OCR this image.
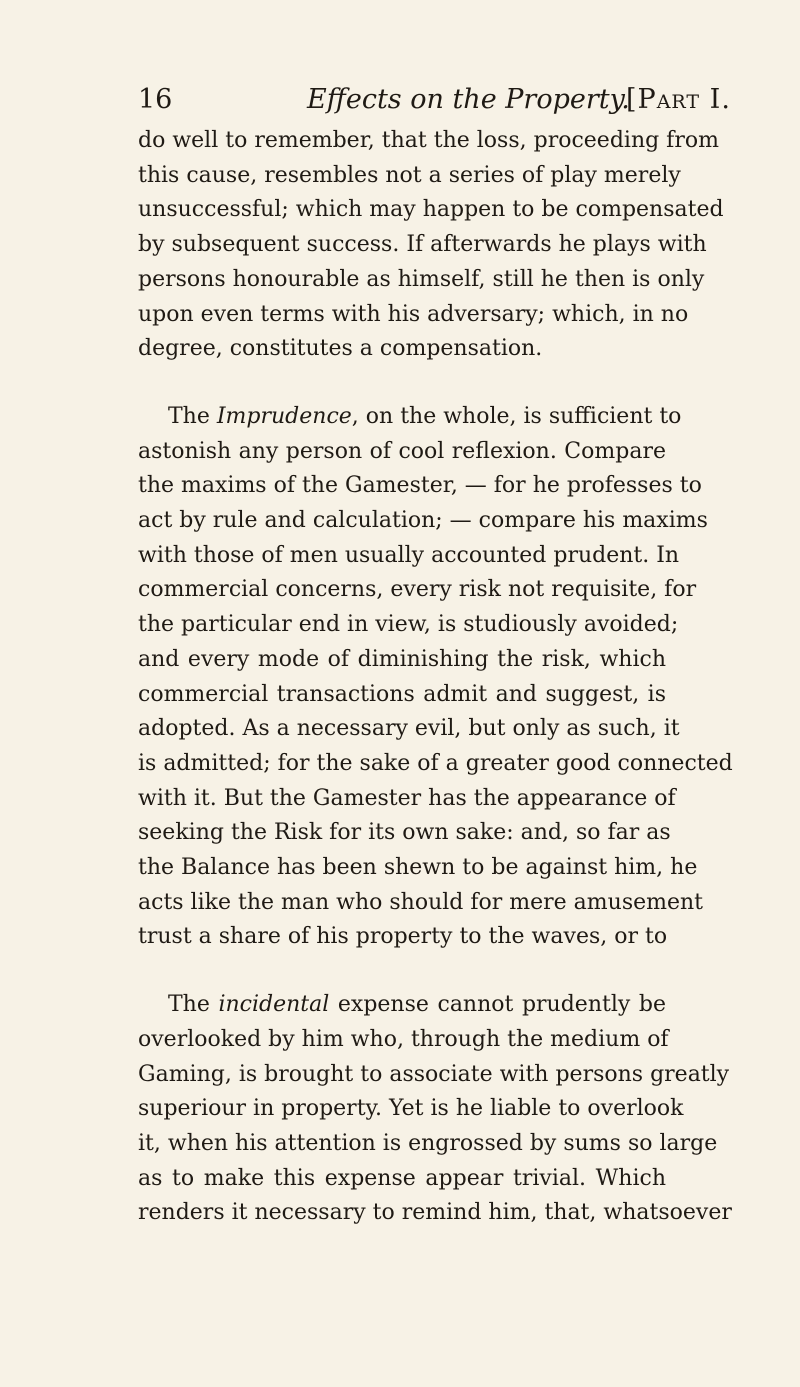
16	Effects on the Property.
[Part I.
do well to remember, that the loss, proceeding from
this cause, resembles not a series of play merely
unsuccessful; which may happen to be compensated
by subsequent success. If afterwards he plays with
persons honourable as himself, still he then is only
upon even terms with his adversary; which, in no
degree, constitutes a compensation.
The Imprudence, on the whole, is sufficient to
astonish any person of cool reflexion. Compare
the maxims of the Gamester, — for he professes to
act by rule and calculation; — compare his maxims
with those of men usually accounted prudent. In
commercial concerns, every risk not requisite, for
the particular end in view, is studiously avoided;
and every mode of diminishing the risk, which
commercial transactions admit and suggest, is
adopted. As a necessary evil, but only as such, it
is admitted; for the sake of a greater good connected
with it. But the Gamester has the appearance of
seeking the Risk for its own sake: and, so far as
the Balance has been shewn to be against him, he
acts like the man who should for mere amusement
trust a share of his property to the waves, or to
The incidental expense cannot prudently be
overlooked by him who, through the medium of
Gaming, is brought to associate with persons greatly
superiour in property. Yet is he liable to overlook
it, when his attention is engrossed by sums so large
as to make this expense appear trivial. Which
renders it necessary to remind him, that, whatsoever
